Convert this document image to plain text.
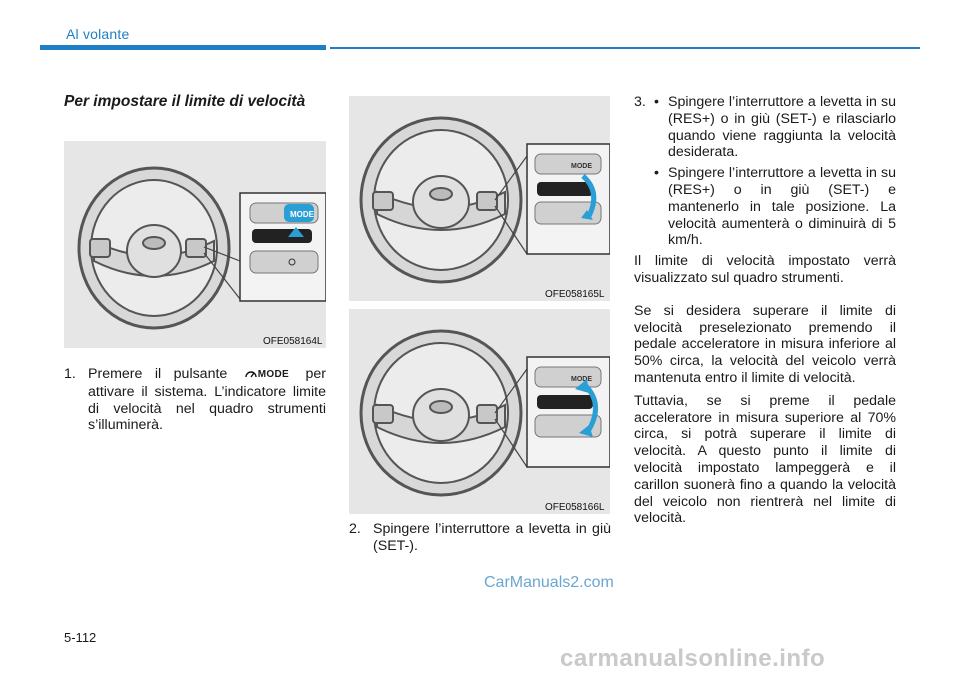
Al volante
Per impostare il limite di velocità
MODE
OFE058164L
MODE
OFE058165L
MODE
OFE058166L
1. Premere il pulsante	MODE per attivare il sistema. L’indicatore limite di velocità nel quadro strumenti s’illuminerà.
2. Spingere l’interruttore a levetta in giù (SET-).
3. • Spingere l’interruttore a levetta in su (RES+) o in giù (SET-) e rilasciarlo quando viene raggiunta la velocità desiderata.
• Spingere l’interruttore a levetta in su (RES+) o in giù (SET-) e mantenerlo in tale posizione. La velocità aumenterà o diminuirà di 5 km/h.
Il limite di velocità impostato verrà visualizzato sul quadro strumenti.
Se si desidera superare il limite di velocità preselezionato premendo il pedale acceleratore in misura inferiore al 50% circa, la velocità del veicolo verrà mantenuta entro il limite di velocità.
Tuttavia, se si preme il pedale acceleratore in misura superiore al 70% circa, si potrà superare il limite di velocità. A questo punto il limite di velocità impostato lampeggerà e il carillon suonerà fino a quando la velocità del veicolo non rientrerà nel limite di velocità.
5-112
CarManuals2.com
carmanualsonline.info
